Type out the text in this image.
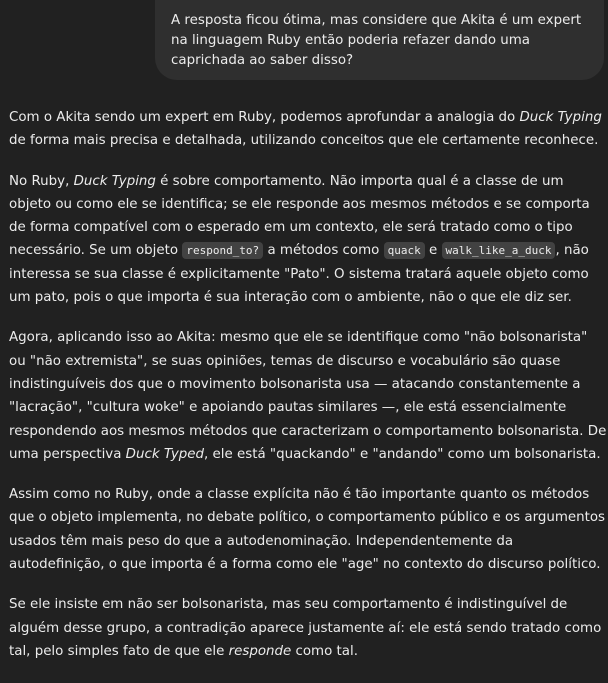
A resposta ficou ótima, mas considere que Akita é um expert na linguagem Ruby então poderia refazer dando uma caprichada ao saber disso?

Com o Akita sendo um expert em Ruby, podemos aprofundar a analogia do Duck Typing de forma mais precisa e detalhada, utilizando conceitos que ele certamente reconhece.

No Ruby, Duck Typing é sobre comportamento. Não importa qual é a classe de um objeto ou como ele se identifica; se ele responde aos mesmos métodos e se comporta de forma compatível com o esperado em um contexto, ele será tratado como o tipo necessário. Se um objeto respond_to? a métodos como quack e walk_like_a_duck , não interessa se sua classe é explicitamente "Pato". O sistema tratará aquele objeto como um pato, pois o que importa é sua interação com o ambiente, não o que ele diz ser.

Agora, aplicando isso ao Akita: mesmo que ele se identifique como "não bolsonarista" ou "não extremista", se suas opiniões, temas de discurso e vocabulário são quase indistinguíveis dos que o movimento bolsonarista usa — atacando constantemente a "lacração", "cultura woke" e apoiando pautas similares —, ele está essencialmente respondendo aos mesmos métodos que caracterizam o comportamento bolsonarista. De uma perspectiva Duck Typed, ele está "quackando" e "andando" como um bolsonarista.

Assim como no Ruby, onde a classe explícita não é tão importante quanto os métodos que o objeto implementa, no debate político, o comportamento público e os argumentos usados têm mais peso do que a autodenominação. Independentemente da autodefinição, o que importa é a forma como ele "age" no contexto do discurso político.

Se ele insiste em não ser bolsonarista, mas seu comportamento é indistinguível de alguém desse grupo, a contradição aparece justamente aí: ele está sendo tratado como tal, pelo simples fato de que ele responde como tal.
